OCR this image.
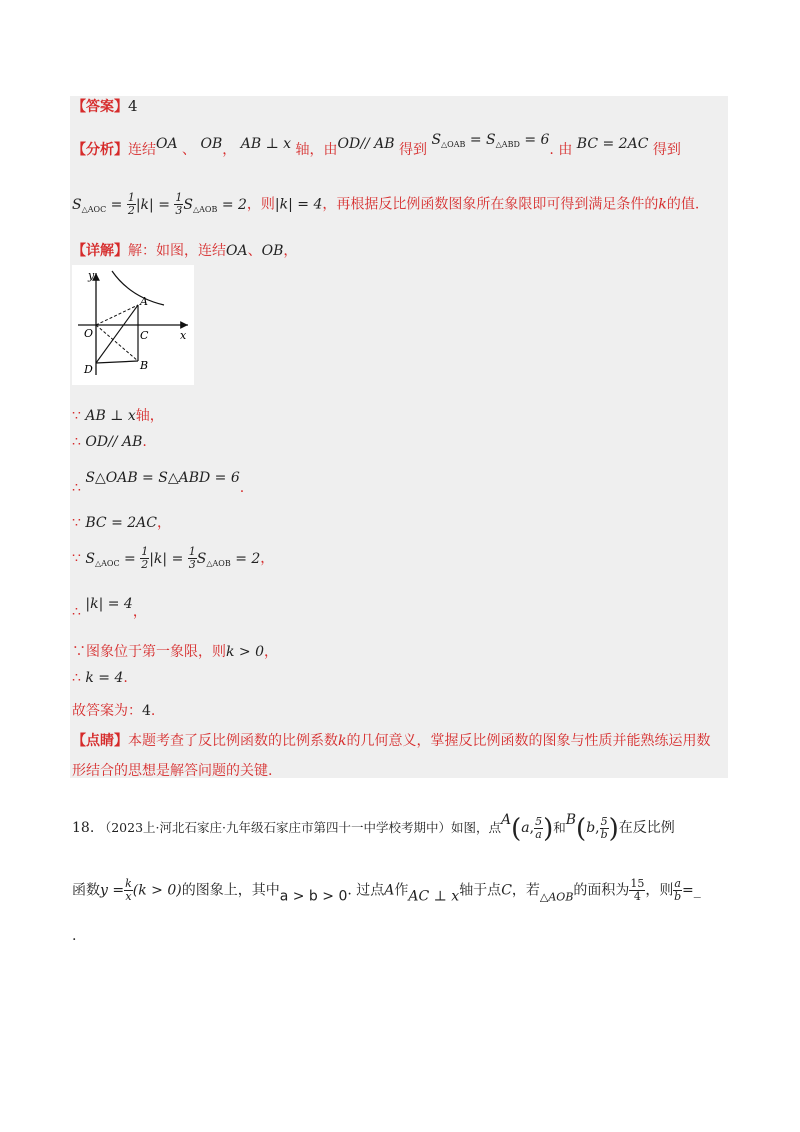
【答案】4
【分析】连结OA 、 OB， AB ⊥ x 轴，由OD// AB 得到 $S_{\triangle OAB} = S_{\triangle ABD} = 6$. 由 BC = 2AC 得到
$S_{\triangle AOC} = \frac{1}{2} |k| = \frac{1}{3} S_{\triangle AOB} = 2$，则|k| = 4，再根据反比例函数图象所在象限即可得到满足条件的k的值.
【详解】解：如图，连结OA、OB，
y
x
O
A
C
D	B
∵ AB ⊥ x轴，
∴ OD// AB.
∴ S△OAB = S△ABD = 6.
∵ BC = 2AC，
∵ $S_{\triangle AOC} = \frac{1}{2} |k| = \frac{1}{3} S_{\triangle AOB} = 2$，
∴ |k| = 4，
∵图象位于第一象限，则k > 0，
∴ k = 4.
故答案为：4.
【点睛】本题考查了反比例函数的比例系数k的几何意义，掌握反比例函数的图象与性质并能熟练运用数
形结合的思想是解答问题的关键.
18. （2023上·河北石家庄·九年级石家庄市第四十一中学校考期中）如图，点A(a, $\frac{5}{a}$ )和B(b, $\frac{5}{b}$ )在反比例
函数$y = \frac{k}{x} (k > 0)$的图象上，其中a > b > 0. 过点A作AC ⊥ x轴于点C，若$_{\triangle AOB}$的面积为 $\frac{15}{4}$ ，则 $\frac{a}{b}$ =_
.
